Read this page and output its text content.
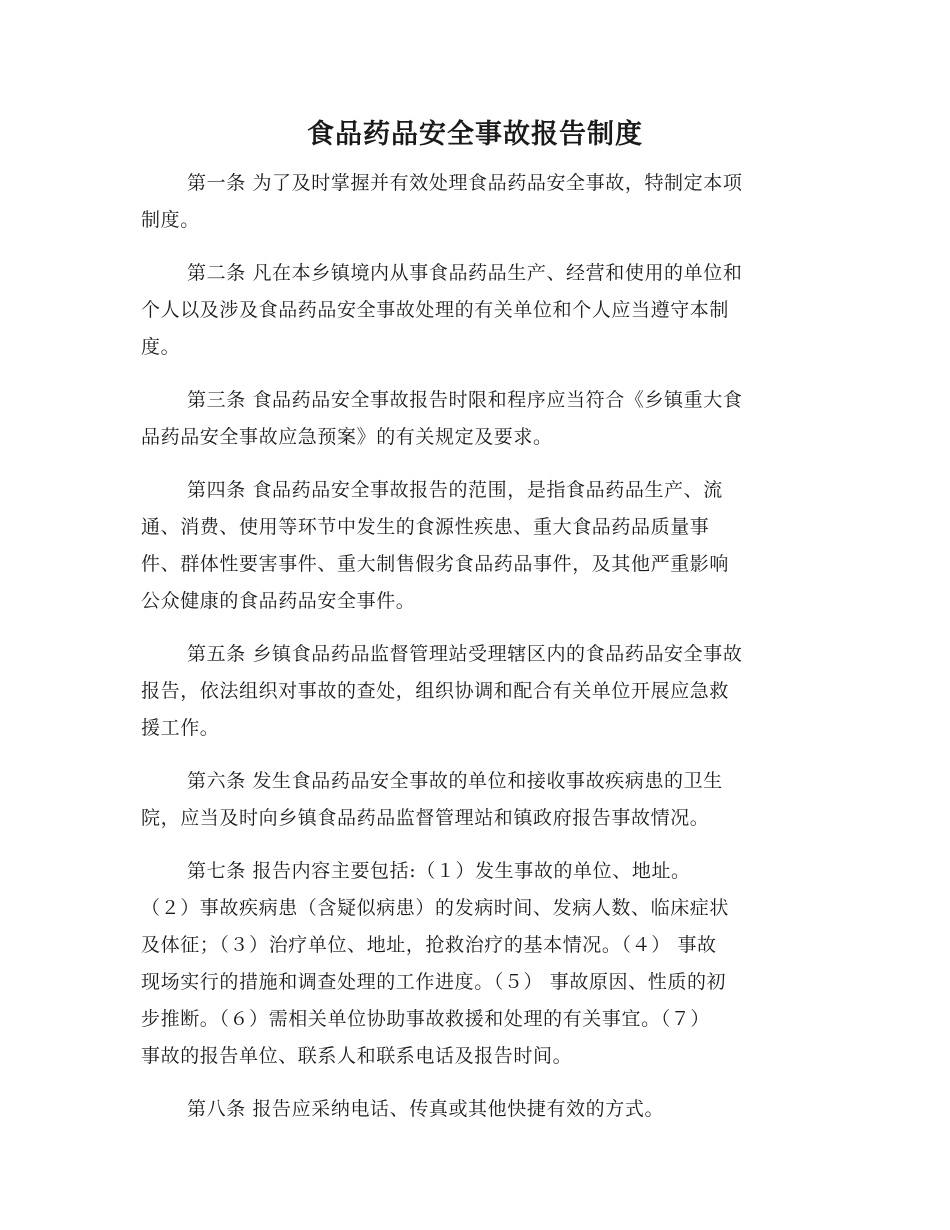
食品药品安全事故报告制度

第一条 为了及时掌握并有效处理食品药品安全事故，特制定本项
制度。

第二条 凡在本乡镇境内从事食品药品生产、经营和使用的单位和
个人以及涉及食品药品安全事故处理的有关单位和个人应当遵守本制
度。

第三条 食品药品安全事故报告时限和程序应当符合《乡镇重大食
品药品安全事故应急预案》的有关规定及要求。

第四条 食品药品安全事故报告的范围，是指食品药品生产、流
通、消费、使用等环节中发生的食源性疾患、重大食品药品质量事
件、群体性要害事件、重大制售假劣食品药品事件，及其他严重影响
公众健康的食品药品安全事件。

第五条 乡镇食品药品监督管理站受理辖区内的食品药品安全事故
报告，依法组织对事故的查处，组织协调和配合有关单位开展应急救
援工作。

第六条 发生食品药品安全事故的单位和接收事故疾病患的卫生
院，应当及时向乡镇食品药品监督管理站和镇政府报告事故情况。

第七条 报告内容主要包括:（１）发生事故的单位、地址。
（２）事故疾病患（含疑似病患）的发病时间、发病人数、临床症状
及体征；（３）治疗单位、地址，抢救治疗的基本情况。（４） 事故
现场实行的措施和调查处理的工作进度。（５） 事故原因、性质的初
步推断。（６）需相关单位协助事故救援和处理的有关事宜。（７）
事故的报告单位、联系人和联系电话及报告时间。

第八条 报告应采纳电话、传真或其他快捷有效的方式。
